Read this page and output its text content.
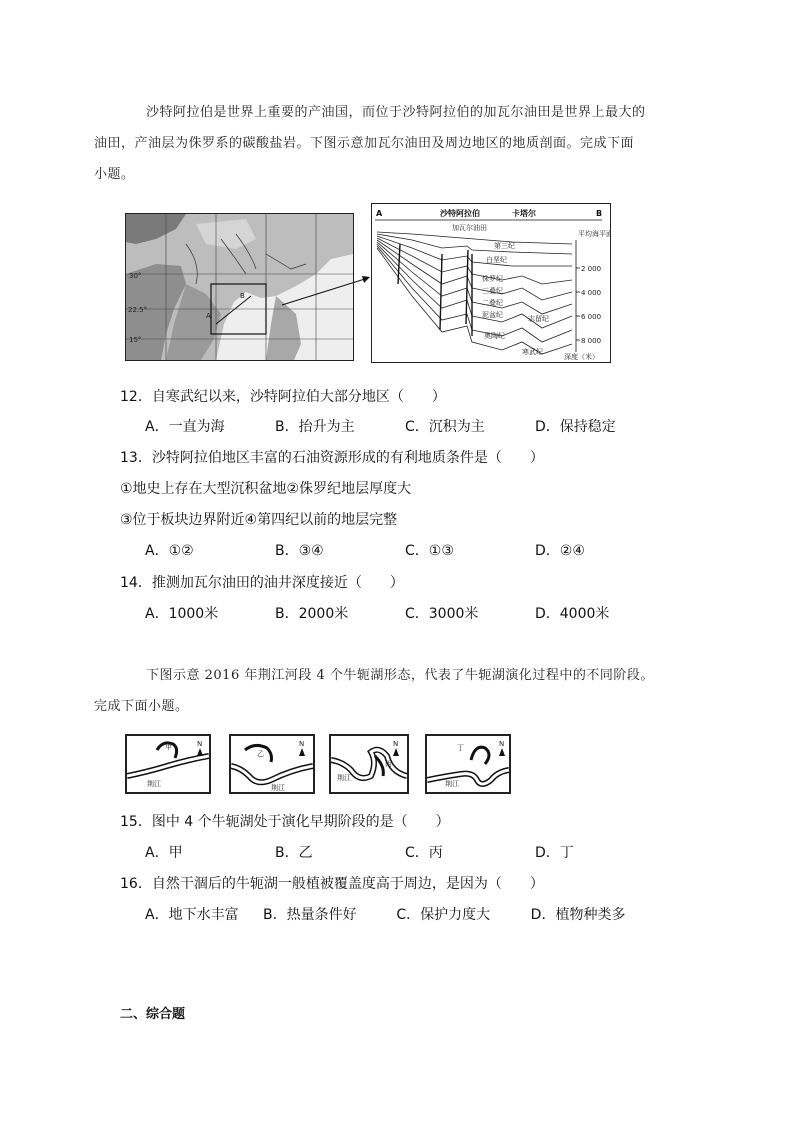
沙特阿拉伯是世界上重要的产油国，而位于沙特阿拉伯的加瓦尔油田是世界上最大的
油田，产油层为侏罗系的碳酸盐岩。下图示意加瓦尔油田及周边地区的地质剖面。完成下面
小题。
A
B
30°
22.5°
15°
A	B
沙特阿拉伯	卡塔尔
加瓦尔油田
平均海平面
第三纪
白垩纪
侏罗纪
三叠纪
二叠纪
泥盆纪	志留纪
奥陶纪
寒武纪
2 000
4 000
6 000
8 000
深度（米）
12．自寒武纪以来，沙特阿拉伯大部分地区（　　）
A．一直为海	B．抬升为主	C．沉积为主	D．保持稳定
13．沙特阿拉伯地区丰富的石油资源形成的有利地质条件是（　　）
①地史上存在大型沉积盆地②侏罗纪地层厚度大
③位于板块边界附近④第四纪以前的地层完整
A．①②	B．③④	C．①③	D．②④
14．推测加瓦尔油田的油井深度接近（　　）
A．1000米	B．2000米	C．3000米	D．4000米
下图示意 2016 年荆江河段 4 个牛轭湖形态，代表了牛轭湖演化过程中的不同阶段。
完成下面小题。
甲
荆江
N
乙
荆江
N
丙
荆江
N	丁
荆江
N
15．图中 4 个牛轭湖处于演化早期阶段的是（　　）
A．甲	B．乙	C．丙	D．丁
16．自然干涸后的牛轭湖一般植被覆盖度高于周边，是因为（　　）
A．地下水丰富	B．热量条件好	C．保护力度大	D．植物种类多
二、综合题
